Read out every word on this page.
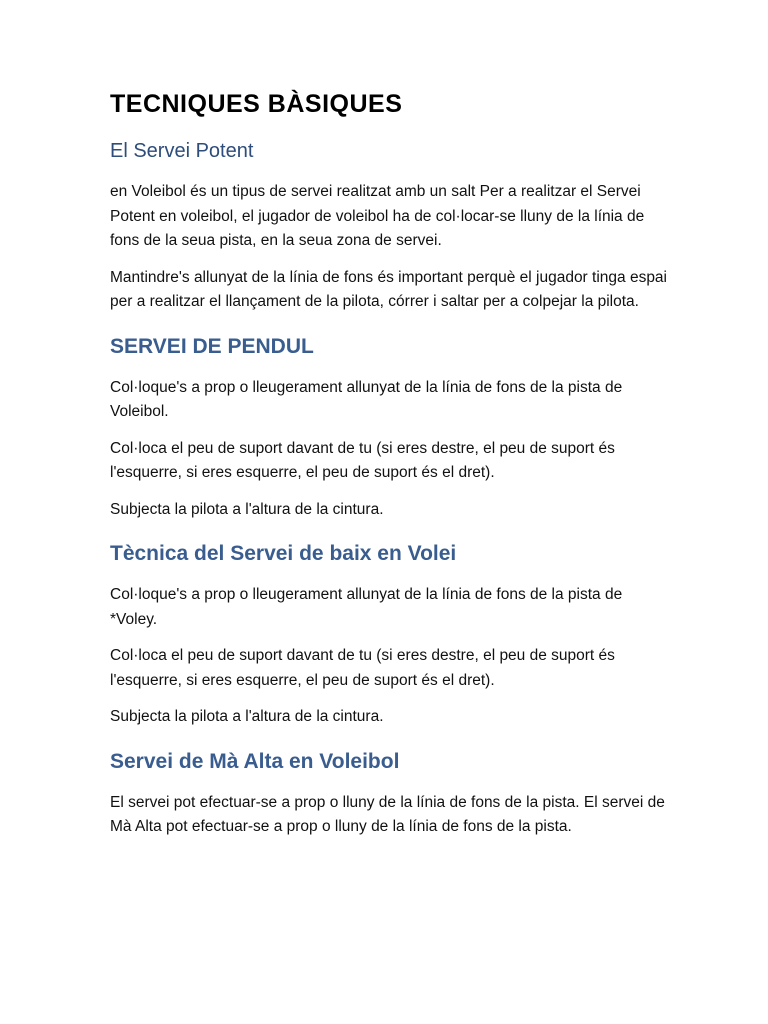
TECNIQUES BÀSIQUES
El Servei Potent

en Voleibol és un tipus de servei realitzat amb un salt Per a realitzar el Servei Potent en voleibol, el jugador de voleibol ha de col·locar-se lluny de la línia de fons de la seua pista, en la seua zona de servei.

Mantindre's allunyat de la línia de fons és important perquè el jugador tinga espai per a realitzar el llançament de la pilota, córrer i saltar per a colpejar la pilota.

SERVEI DE PENDUL

Col·loque's a prop o lleugerament allunyat de la línia de fons de la pista de Voleibol.

Col·loca el peu de suport davant de tu (si eres destre, el peu de suport és l'esquerre, si eres esquerre, el peu de suport és el dret).

Subjecta la pilota a l'altura de la cintura.

Tècnica del Servei de baix en Volei

Col·loque's a prop o lleugerament allunyat de la línia de fons de la pista de *Voley.

Col·loca el peu de suport davant de tu (si eres destre, el peu de suport és l'esquerre, si eres esquerre, el peu de suport és el dret).

Subjecta la pilota a l'altura de la cintura.

Servei de Mà Alta en Voleibol

El servei pot efectuar-se a prop o lluny de la línia de fons de la pista. El servei de Mà Alta pot efectuar-se a prop o lluny de la línia de fons de la pista.
